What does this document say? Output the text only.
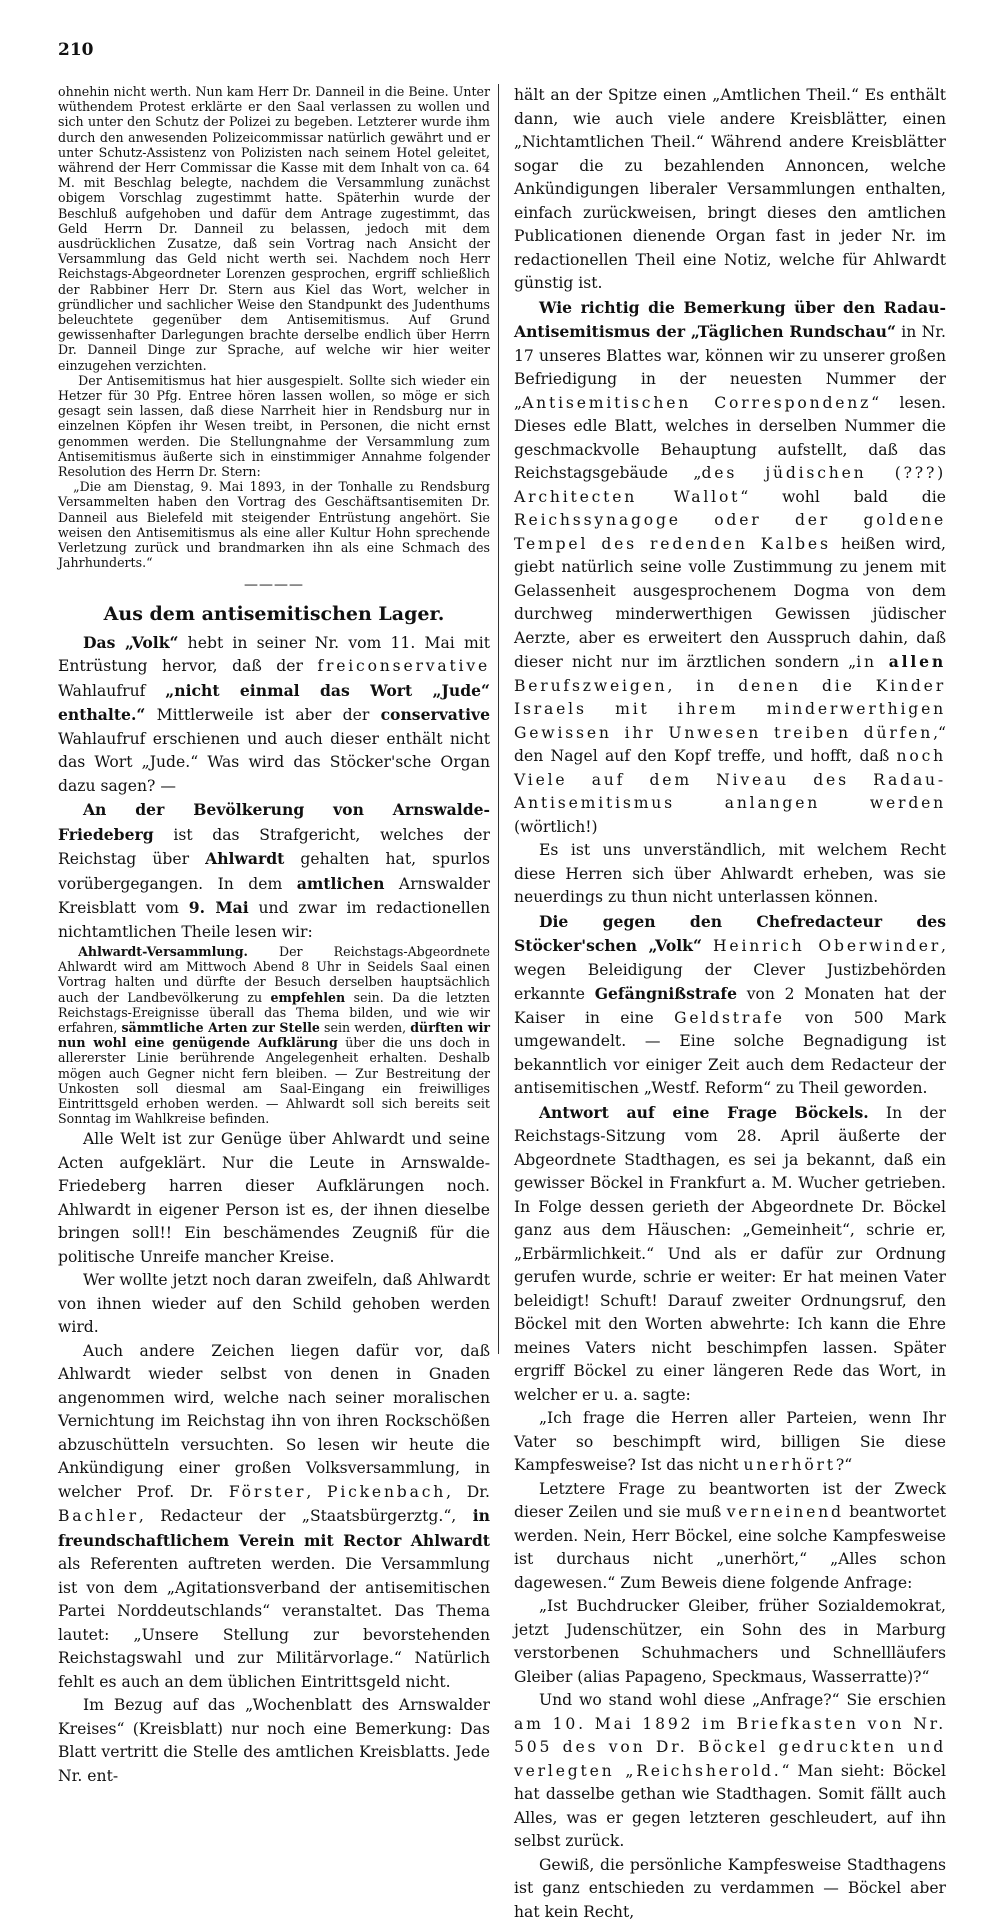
210

ohnehin nicht werth. Nun kam Herr Dr. Danneil in die Beine. Unter wüthendem Protest erklärte er den Saal verlassen zu wollen und sich unter den Schutz der Polizei zu begeben. Letzterer wurde ihm durch den anwesenden Polizeicommissar natürlich gewährt und er unter Schutz-Assistenz von Polizisten nach seinem Hotel geleitet, während der Herr Commissar die Kasse mit dem Inhalt von ca. 64 M. mit Beschlag belegte, nachdem die Versammlung zunächst obigem Vorschlag zugestimmt hatte. Späterhin wurde der Beschluß aufgehoben und dafür dem Antrage zugestimmt, das Geld Herrn Dr. Danneil zu belassen, jedoch mit dem ausdrücklichen Zusatze, daß sein Vortrag nach Ansicht der Versammlung das Geld nicht werth sei. Nachdem noch Herr Reichstags-Abgeordneter Lorenzen gesprochen, ergriff schließlich der Rabbiner Herr Dr. Stern aus Kiel das Wort, welcher in gründlicher und sachlicher Weise den Standpunkt des Judenthums beleuchtete gegenüber dem Antisemitismus. Auf Grund gewissenhafter Darlegungen brachte derselbe endlich über Herrn Dr. Danneil Dinge zur Sprache, auf welche wir hier weiter einzugehen verzichten.

Der Antisemitismus hat hier ausgespielt. Sollte sich wieder ein Hetzer für 30 Pfg. Entree hören lassen wollen, so möge er sich gesagt sein lassen, daß diese Narrheit hier in Rendsburg nur in einzelnen Köpfen ihr Wesen treibt, in Personen, die nicht ernst genommen werden. Die Stellungnahme der Versammlung zum Antisemitismus äußerte sich in einstimmiger Annahme folgender Resolution des Herrn Dr. Stern:

„Die am Dienstag, 9. Mai 1893, in der Tonhalle zu Rendsburg Versammelten haben den Vortrag des Geschäftsantisemiten Dr. Danneil aus Bielefeld mit steigender Entrüstung angehört. Sie weisen den Antisemitismus als eine aller Kultur Hohn sprechende Verletzung zurück und brandmarken ihn als eine Schmach des Jahrhunderts.“

————
Aus dem antisemitischen Lager.

Das „Volk“ hebt in seiner Nr. vom 11. Mai mit Entrüstung hervor, daß der freiconservative Wahlaufruf „nicht einmal das Wort „Jude“ enthalte.“ Mittlerweile ist aber der conservative Wahlaufruf erschienen und auch dieser enthält nicht das Wort „Jude.“ Was wird das Stöcker'sche Organ dazu sagen? —

An der Bevölkerung von Arnswalde-Friedeberg ist das Strafgericht, welches der Reichstag über Ahlwardt gehalten hat, spurlos vorübergegangen. In dem amtlichen Arnswalder Kreisblatt vom 9. Mai und zwar im redactionellen nichtamtlichen Theile lesen wir:

Ahlwardt-Versammlung. Der Reichstags-Abgeordnete Ahlwardt wird am Mittwoch Abend 8 Uhr in Seidels Saal einen Vortrag halten und dürfte der Besuch derselben hauptsächlich auch der Landbevölkerung zu empfehlen sein. Da die letzten Reichstags-Ereignisse überall das Thema bilden, und wie wir erfahren, sämmtliche Arten zur Stelle sein werden, dürften wir nun wohl eine genügende Aufklärung über die uns doch in allererster Linie berührende Angelegenheit erhalten. Deshalb mögen auch Gegner nicht fern bleiben. — Zur Bestreitung der Unkosten soll diesmal am Saal-Eingang ein freiwilliges Eintrittsgeld erhoben werden. — Ahlwardt soll sich bereits seit Sonntag im Wahlkreise befinden.

Alle Welt ist zur Genüge über Ahlwardt und seine Acten aufgeklärt. Nur die Leute in Arnswalde-Friedeberg harren dieser Aufklärungen noch. Ahlwardt in eigener Person ist es, der ihnen dieselbe bringen soll!! Ein beschämendes Zeugniß für die politische Unreife mancher Kreise.

Wer wollte jetzt noch daran zweifeln, daß Ahlwardt von ihnen wieder auf den Schild gehoben werden wird.

Auch andere Zeichen liegen dafür vor, daß Ahlwardt wieder selbst von denen in Gnaden angenommen wird, welche nach seiner moralischen Vernichtung im Reichstag ihn von ihren Rockschößen abzuschütteln versuchten. So lesen wir heute die Ankündigung einer großen Volksversammlung, in welcher Prof. Dr. Förster, Pickenbach, Dr. Bachler, Redacteur der „Staatsbürgerztg.“, in freundschaftlichem Verein mit Rector Ahlwardt als Referenten auftreten werden. Die Versammlung ist von dem „Agitationsverband der antisemitischen Partei Norddeutschlands“ veranstaltet. Das Thema lautet: „Unsere Stellung zur bevorstehenden Reichstagswahl und zur Militärvorlage.“ Natürlich fehlt es auch an dem üblichen Eintrittsgeld nicht.

Im Bezug auf das „Wochenblatt des Arnswalder Kreises“ (Kreisblatt) nur noch eine Bemerkung: Das Blatt vertritt die Stelle des amtlichen Kreisblatts. Jede Nr. ent-

hält an der Spitze einen „Amtlichen Theil.“ Es enthält dann, wie auch viele andere Kreisblätter, einen „Nichtamtlichen Theil.“ Während andere Kreisblätter sogar die zu bezahlenden Annoncen, welche Ankündigungen liberaler Versammlungen enthalten, einfach zurückweisen, bringt dieses den amtlichen Publicationen dienende Organ fast in jeder Nr. im redactionellen Theil eine Notiz, welche für Ahlwardt günstig ist.

Wie richtig die Bemerkung über den Radau-Antisemitismus der „Täglichen Rundschau“ in Nr. 17 unseres Blattes war, können wir zu unserer großen Befriedigung in der neuesten Nummer der „Antisemitischen Correspondenz“ lesen. Dieses edle Blatt, welches in derselben Nummer die geschmackvolle Behauptung aufstellt, daß das Reichstagsgebäude „des jüdischen (???) Architecten Wallot“ wohl bald die Reichssynagoge oder der goldene Tempel des redenden Kalbes heißen wird, giebt natürlich seine volle Zustimmung zu jenem mit Gelassenheit ausgesprochenem Dogma von dem durchweg minderwerthigen Gewissen jüdischer Aerzte, aber es erweitert den Ausspruch dahin, daß dieser nicht nur im ärztlichen sondern „in allen Berufszweigen, in denen die Kinder Israels mit ihrem minderwerthigen Gewissen ihr Unwesen treiben dürfen,“ den Nagel auf den Kopf treffe, und hofft, daß noch Viele auf dem Niveau des Radau-Antisemitismus anlangen werden (wörtlich!)

Es ist uns unverständlich, mit welchem Recht diese Herren sich über Ahlwardt erheben, was sie neuerdings zu thun nicht unterlassen können.

Die gegen den Chefredacteur des Stöcker'schen „Volk“ Heinrich Oberwinder, wegen Beleidigung der Clever Justizbehörden erkannte Gefängnißstrafe von 2 Monaten hat der Kaiser in eine Geldstrafe von 500 Mark umgewandelt. — Eine solche Begnadigung ist bekanntlich vor einiger Zeit auch dem Redacteur der antisemitischen „Westf. Reform“ zu Theil geworden.

Antwort auf eine Frage Böckels. In der Reichstags-Sitzung vom 28. April äußerte der Abgeordnete Stadthagen, es sei ja bekannt, daß ein gewisser Böckel in Frankfurt a. M. Wucher getrieben. In Folge dessen gerieth der Abgeordnete Dr. Böckel ganz aus dem Häuschen: „Gemeinheit“, schrie er, „Erbärmlichkeit.“ Und als er dafür zur Ordnung gerufen wurde, schrie er weiter: Er hat meinen Vater beleidigt! Schuft! Darauf zweiter Ordnungsruf, den Böckel mit den Worten abwehrte: Ich kann die Ehre meines Vaters nicht beschimpfen lassen. Später ergriff Böckel zu einer längeren Rede das Wort, in welcher er u. a. sagte:

„Ich frage die Herren aller Parteien, wenn Ihr Vater so beschimpft wird, billigen Sie diese Kampfesweise? Ist das nicht unerhört?“

Letztere Frage zu beantworten ist der Zweck dieser Zeilen und sie muß verneinend beantwortet werden. Nein, Herr Böckel, eine solche Kampfesweise ist durchaus nicht „unerhört,“ „Alles schon dagewesen.“ Zum Beweis diene folgende Anfrage:

„Ist Buchdrucker Gleiber, früher Sozialdemokrat, jetzt Judenschützer, ein Sohn des in Marburg verstorbenen Schuhmachers und Schnellläufers Gleiber (alias Papageno, Speckmaus, Wasserratte)?“

Und wo stand wohl diese „Anfrage?“ Sie erschien am 10. Mai 1892 im Briefkasten von Nr. 505 des von Dr. Böckel gedruckten und verlegten „Reichsherold.“ Man sieht: Böckel hat dasselbe gethan wie Stadthagen. Somit fällt auch Alles, was er gegen letzteren geschleudert, auf ihn selbst zurück.

Gewiß, die persönliche Kampfesweise Stadthagens ist ganz entschieden zu verdammen — Böckel aber hat kein Recht,
